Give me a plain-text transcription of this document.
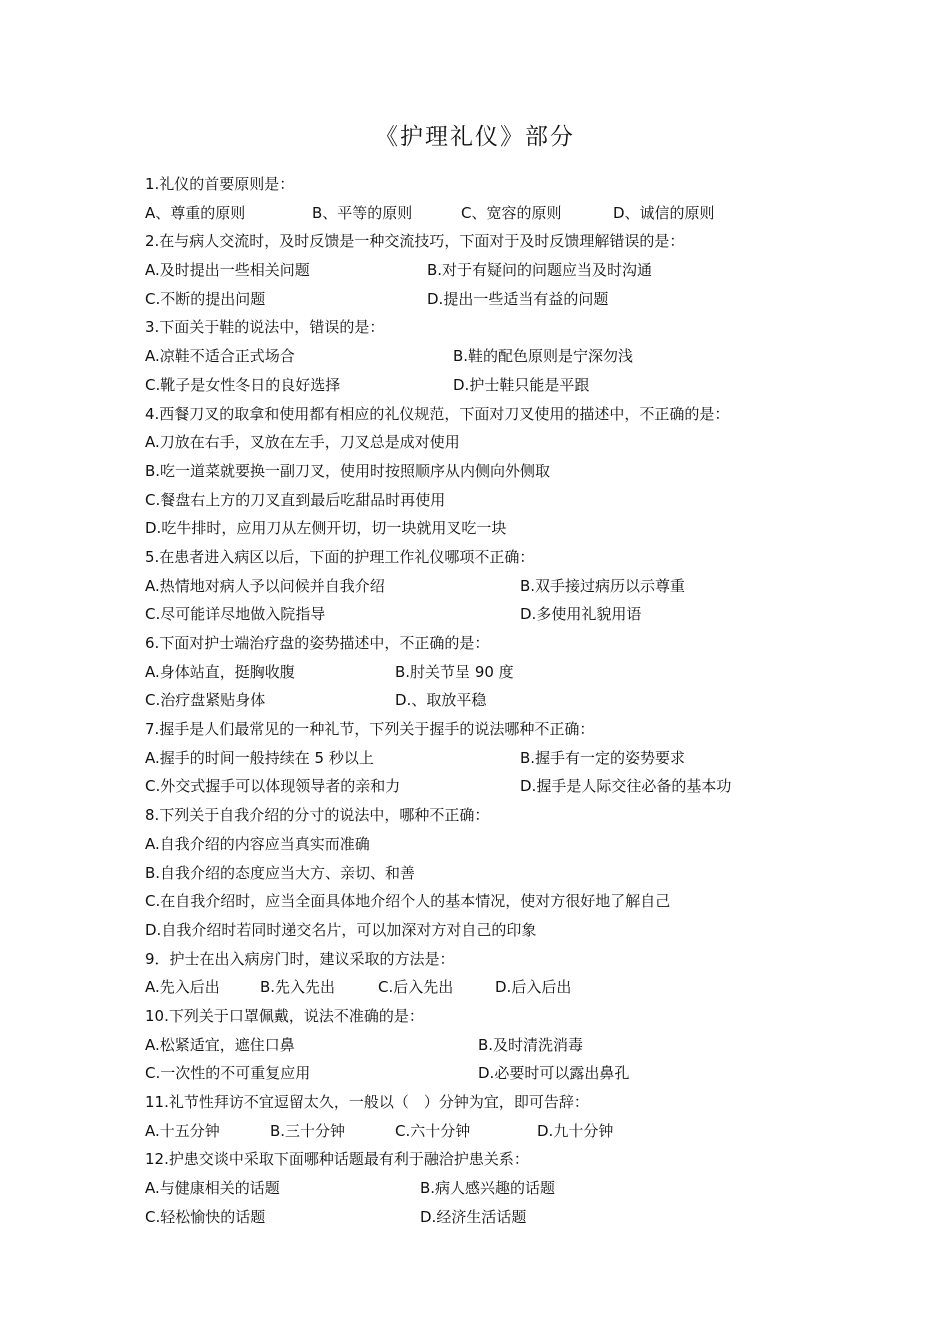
《护理礼仪》部分
1.礼仪的首要原则是：
A、尊重的原则	B、平等的原则	C、宽容的原则	D、诚信的原则
2.在与病人交流时，及时反馈是一种交流技巧，下面对于及时反馈理解错误的是：
A.及时提出一些相关问题	B.对于有疑问的问题应当及时沟通
C.不断的提出问题	D.提出一些适当有益的问题
3.下面关于鞋的说法中，错误的是：
A.凉鞋不适合正式场合	B.鞋的配色原则是宁深勿浅
C.靴子是女性冬日的良好选择	D.护士鞋只能是平跟
4.西餐刀叉的取拿和使用都有相应的礼仪规范，下面对刀叉使用的描述中，不正确的是：
A.刀放在右手，叉放在左手，刀叉总是成对使用
B.吃一道菜就要换一副刀叉，使用时按照顺序从内侧向外侧取
C.餐盘右上方的刀叉直到最后吃甜品时再使用
D.吃牛排时，应用刀从左侧开切，切一块就用叉吃一块
5.在患者进入病区以后，下面的护理工作礼仪哪项不正确：
A.热情地对病人予以问候并自我介绍	B.双手接过病历以示尊重
C.尽可能详尽地做入院指导	D.多使用礼貌用语
6.下面对护士端治疗盘的姿势描述中，不正确的是：
A.身体站直，挺胸收腹	B.肘关节呈 90 度
C.治疗盘紧贴身体	D.、取放平稳
7.握手是人们最常见的一种礼节，下列关于握手的说法哪种不正确：
A.握手的时间一般持续在 5 秒以上	B.握手有一定的姿势要求
C.外交式握手可以体现领导者的亲和力	D.握手是人际交往必备的基本功
8.下列关于自我介绍的分寸的说法中，哪种不正确：
A.自我介绍的内容应当真实而准确
B.自我介绍的态度应当大方、亲切、和善
C.在自我介绍时，应当全面具体地介绍个人的基本情况，使对方很好地了解自己
D.自我介绍时若同时递交名片，可以加深对方对自己的印象
9．护士在出入病房门时，建议采取的方法是：
A.先入后出	B.先入先出	C.后入先出	D.后入后出
10.下列关于口罩佩戴，说法不准确的是：
A.松紧适宜，遮住口鼻	B.及时清洗消毒
C.一次性的不可重复应用	D.必要时可以露出鼻孔
11.礼节性拜访不宜逗留太久，一般以（　）分钟为宜，即可告辞：
A.十五分钟	B.三十分钟	C.六十分钟	D.九十分钟
12.护患交谈中采取下面哪种话题最有利于融洽护患关系：
A.与健康相关的话题	B.病人感兴趣的话题
C.轻松愉快的话题	D.经济生活话题
